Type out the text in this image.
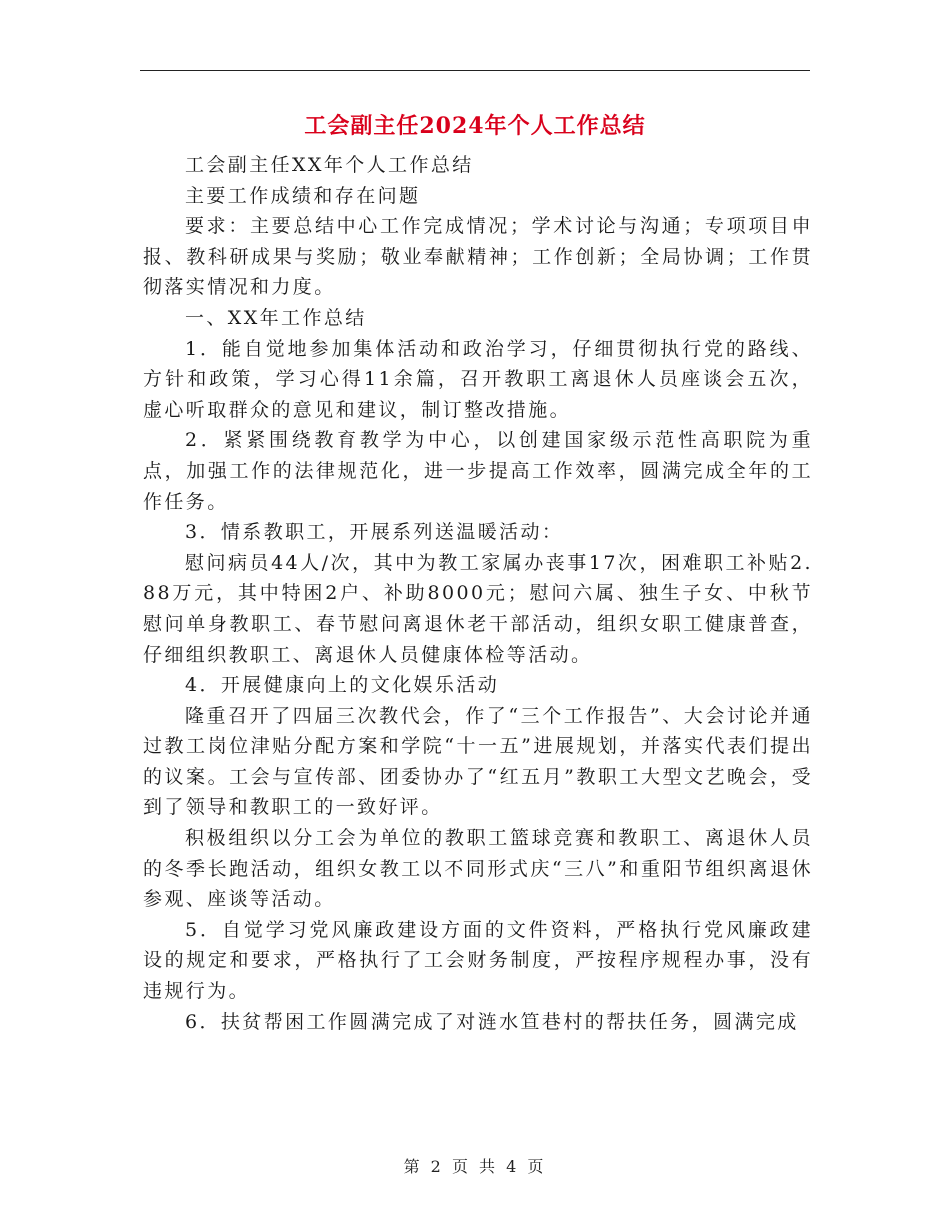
工会副主任2024年个人工作总结

工会副主任XX年个人工作总结

主要工作成绩和存在问题

要求：主要总结中心工作完成情况；学术讨论与沟通；专项项目申报、教科研成果与奖励；敬业奉献精神；工作创新；全局协调；工作贯彻落实情况和力度。

一、XX年工作总结

1．能自觉地参加集体活动和政治学习，仔细贯彻执行党的路线、方针和政策，学习心得11余篇，召开教职工离退休人员座谈会五次，虚心听取群众的意见和建议，制订整改措施。

2．紧紧围绕教育教学为中心，以创建国家级示范性高职院为重点，加强工作的法律规范化，进一步提高工作效率，圆满完成全年的工作任务。

3．情系教职工，开展系列送温暖活动：

慰问病员44人/次，其中为教工家属办丧事17次，困难职工补贴2.88万元，其中特困2户、补助8000元；慰问六属、独生子女、中秋节慰问单身教职工、春节慰问离退休老干部活动，组织女职工健康普查，仔细组织教职工、离退休人员健康体检等活动。

4．开展健康向上的文化娱乐活动

隆重召开了四届三次教代会，作了“三个工作报告”、大会讨论并通过教工岗位津贴分配方案和学院“十一五”进展规划，并落实代表们提出的议案。工会与宣传部、团委协办了“红五月”教职工大型文艺晚会，受到了领导和教职工的一致好评。

积极组织以分工会为单位的教职工篮球竞赛和教职工、离退休人员的冬季长跑活动，组织女教工以不同形式庆“三八”和重阳节组织离退休参观、座谈等活动。

5．自觉学习党风廉政建设方面的文件资料，严格执行党风廉政建设的规定和要求，严格执行了工会财务制度，严按程序规程办事，没有违规行为。

6．扶贫帮困工作圆满完成了对涟水笪巷村的帮扶任务，圆满完成

第 2 页 共 4 页
